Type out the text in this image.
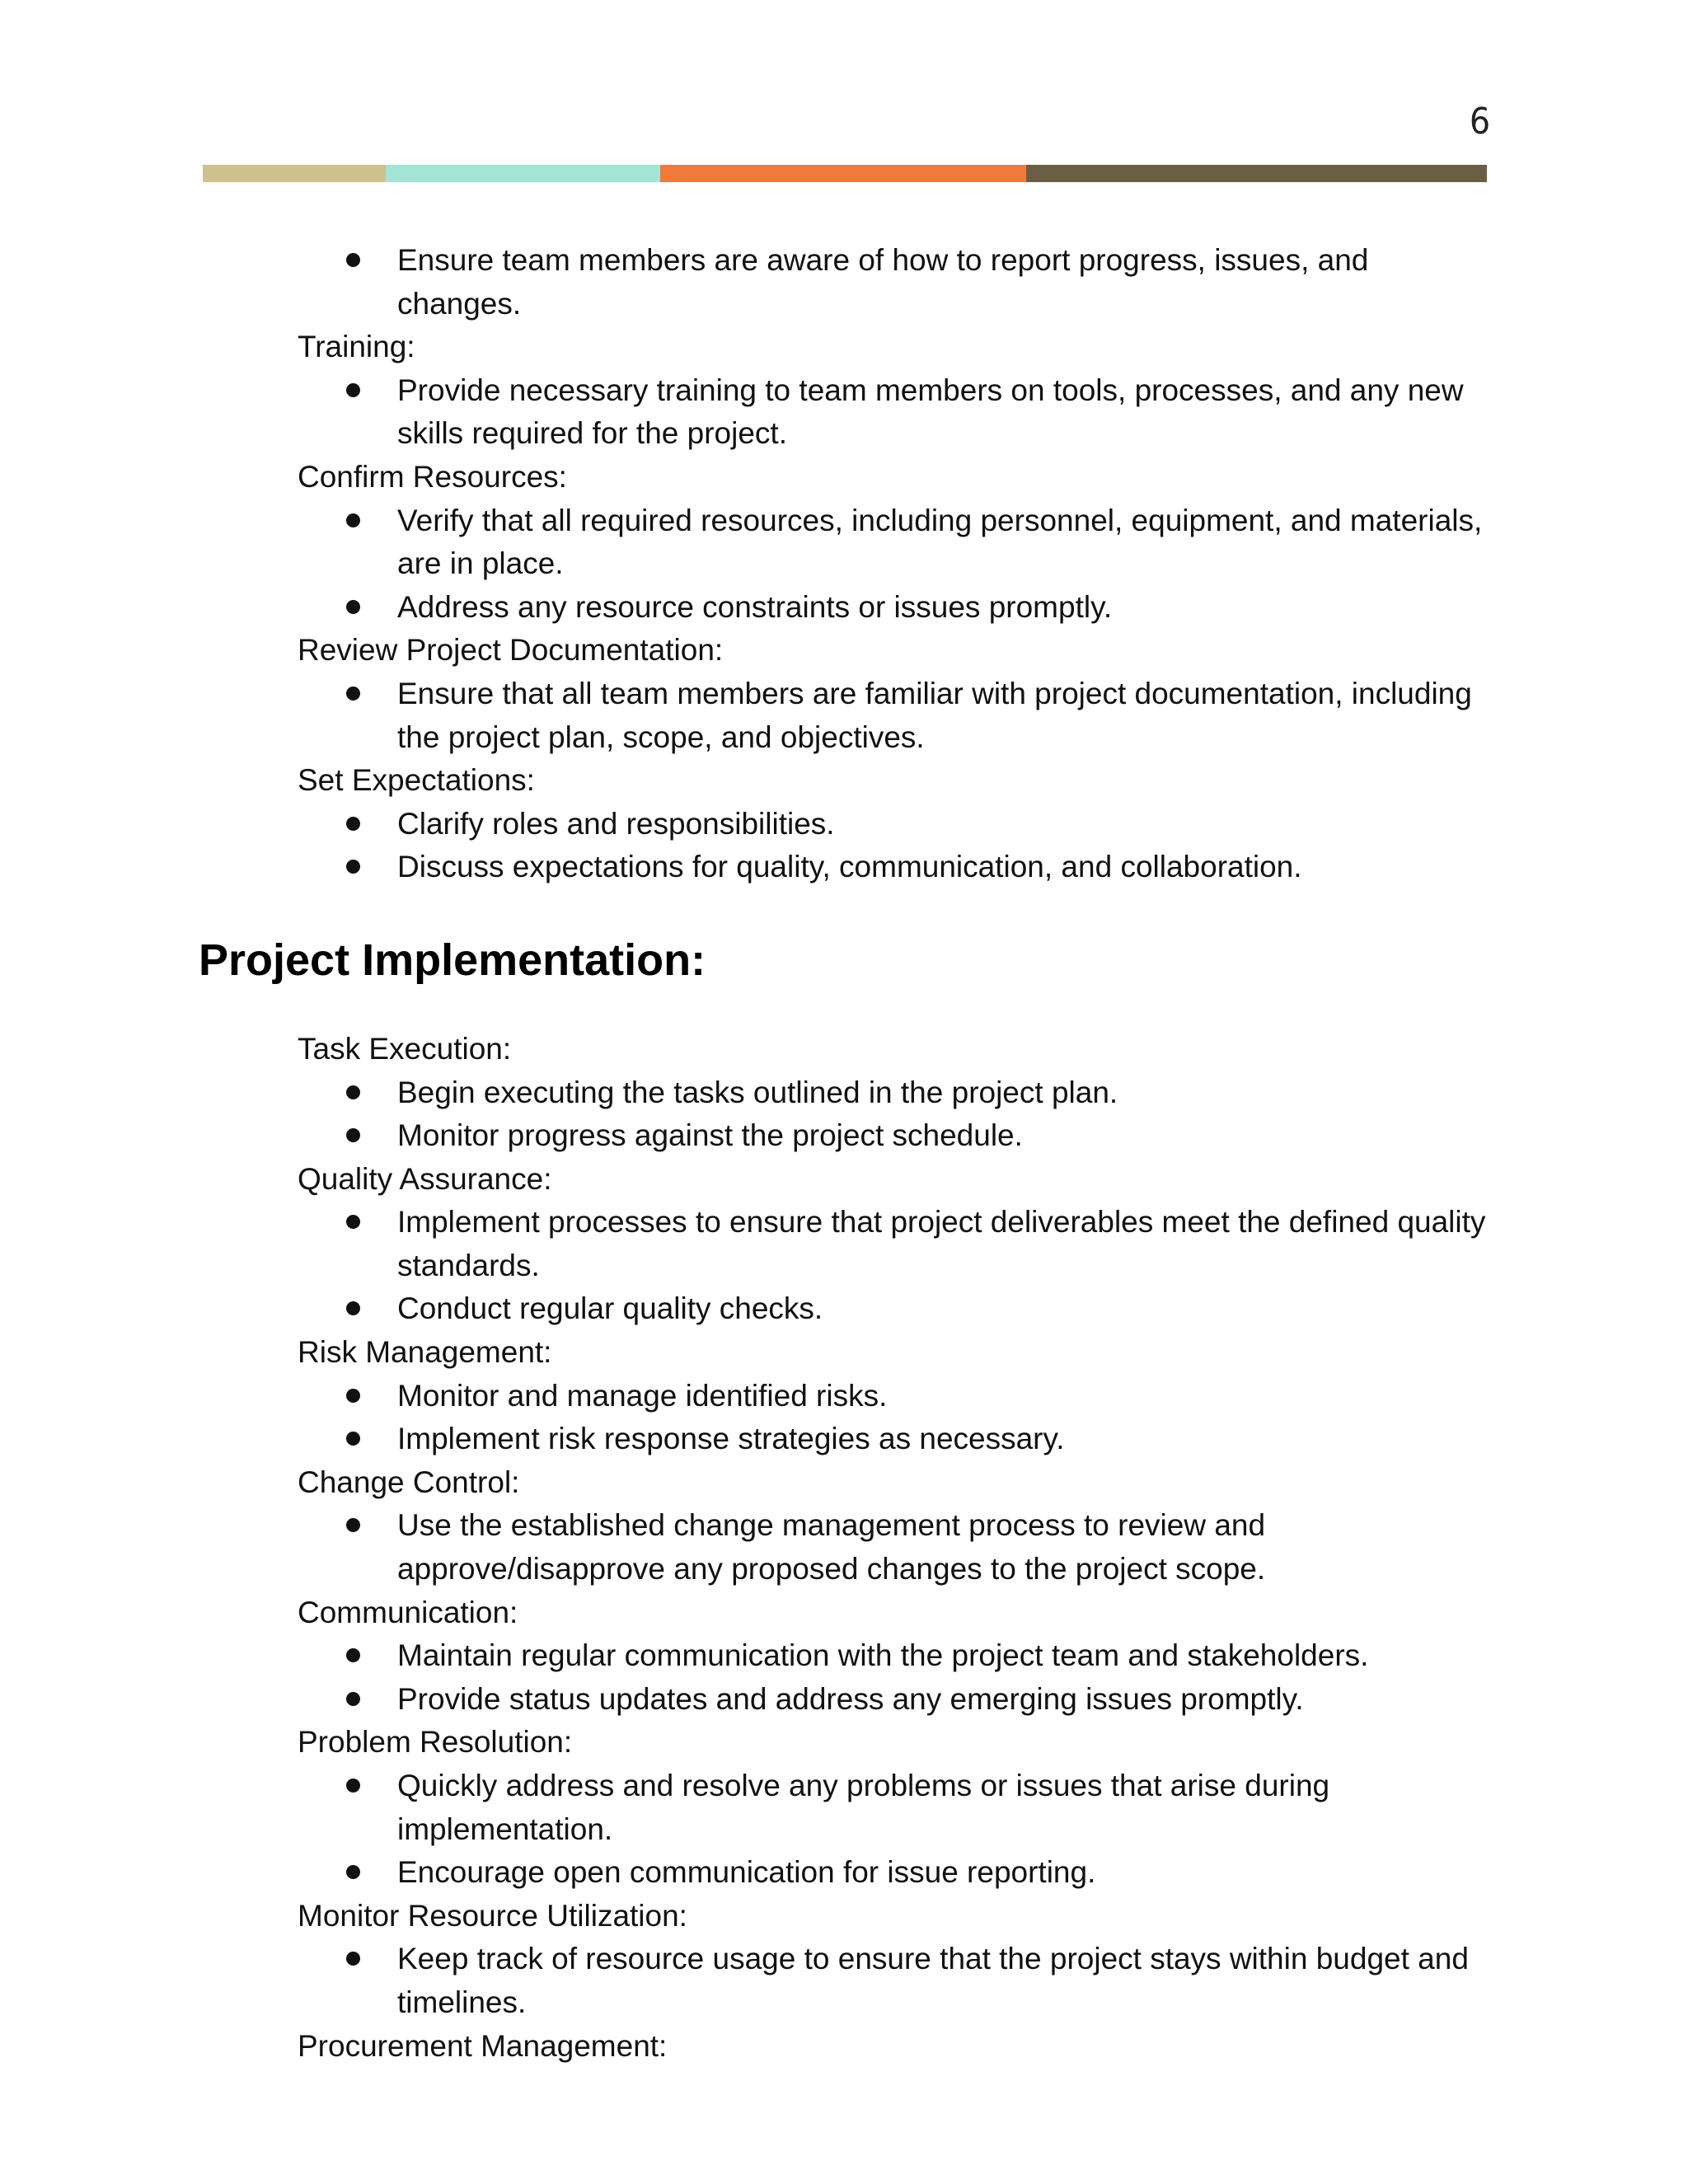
6
Ensure team members are aware of how to report progress, issues, and changes.
Training:
Provide necessary training to team members on tools, processes, and any new skills required for the project.
Confirm Resources:
Verify that all required resources, including personnel, equipment, and materials, are in place.
Address any resource constraints or issues promptly.
Review Project Documentation:
Ensure that all team members are familiar with project documentation, including the project plan, scope, and objectives.
Set Expectations:
Clarify roles and responsibilities.
Discuss expectations for quality, communication, and collaboration.
Project Implementation:
Task Execution:
Begin executing the tasks outlined in the project plan.
Monitor progress against the project schedule.
Quality Assurance:
Implement processes to ensure that project deliverables meet the defined quality standards.
Conduct regular quality checks.
Risk Management:
Monitor and manage identified risks.
Implement risk response strategies as necessary.
Change Control:
Use the established change management process to review and approve/disapprove any proposed changes to the project scope.
Communication:
Maintain regular communication with the project team and stakeholders.
Provide status updates and address any emerging issues promptly.
Problem Resolution:
Quickly address and resolve any problems or issues that arise during implementation.
Encourage open communication for issue reporting.
Monitor Resource Utilization:
Keep track of resource usage to ensure that the project stays within budget and timelines.
Procurement Management:
